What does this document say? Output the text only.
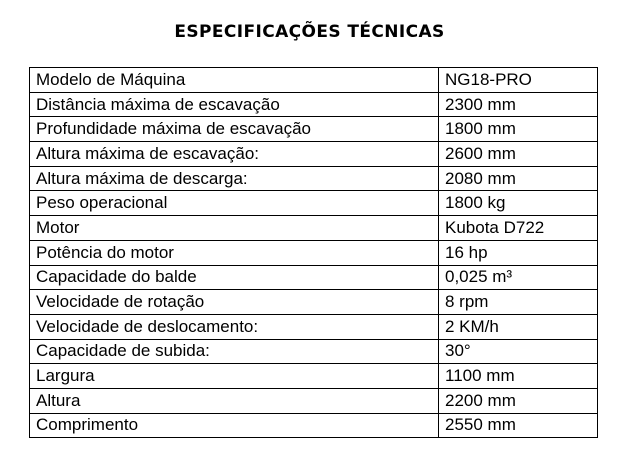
ESPECIFICAÇÕES TÉCNICAS
Modelo de Máquina	NG18-PRO
Distância máxima de escavação	2300 mm
Profundidade máxima de escavação	1800 mm
Altura máxima de escavação:	2600 mm
Altura máxima de descarga:	2080 mm
Peso operacional	1800 kg
Motor	Kubota D722
Potência do motor	16 hp
Capacidade do balde	0,025 m³
Velocidade de rotação	8 rpm
Velocidade de deslocamento:	2 KM/h
Capacidade de subida:	30°
Largura	1100 mm
Altura	2200 mm
Comprimento	2550 mm
